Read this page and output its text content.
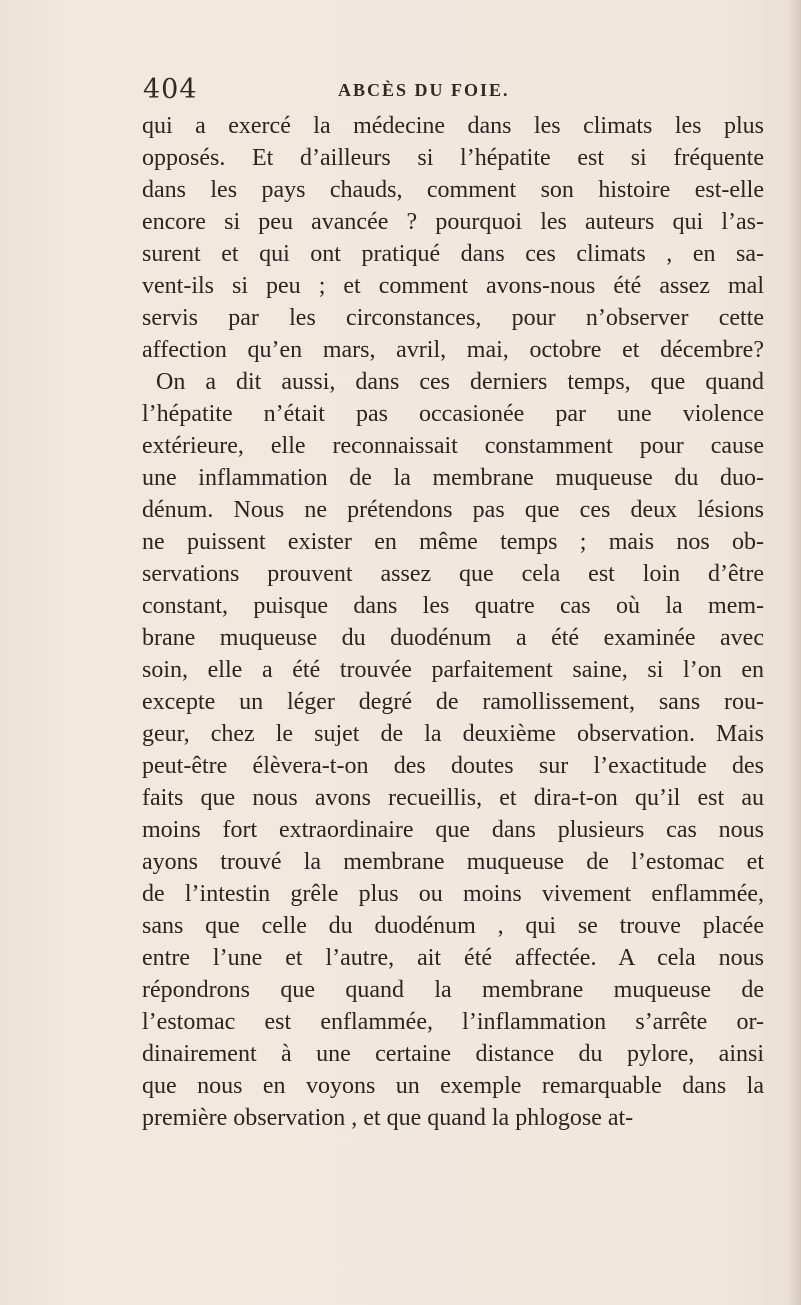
404	ABCÈS DU FOIE.
qui a exercé la médecine dans les climats les plus
opposés. Et d’ailleurs si l’hépatite est si fréquente
dans les pays chauds, comment son histoire est-elle
encore si peu avancée ? pourquoi les auteurs qui l’as-
surent et qui ont pratiqué dans ces climats , en sa-
vent-ils si peu ; et comment avons-nous été assez mal
servis par les circonstances, pour n’observer cette
affection qu’en mars, avril, mai, octobre et décembre?
On a dit aussi, dans ces derniers temps, que quand
l’hépatite n’était pas occasionée par une violence
extérieure, elle reconnaissait constamment pour cause
une inflammation de la membrane muqueuse du duo-
dénum. Nous ne prétendons pas que ces deux lésions
ne puissent exister en même temps ; mais nos ob-
servations prouvent assez que cela est loin d’être
constant, puisque dans les quatre cas où la mem-
brane muqueuse du duodénum a été examinée avec
soin, elle a été trouvée parfaitement saine, si l’on en
excepte un léger degré de ramollissement, sans rou-
geur, chez le sujet de la deuxième observation. Mais
peut-être élèvera-t-on des doutes sur l’exactitude des
faits que nous avons recueillis, et dira-t-on qu’il est au
moins fort extraordinaire que dans plusieurs cas nous
ayons trouvé la membrane muqueuse de l’estomac et
de l’intestin grêle plus ou moins vivement enflammée,
sans que celle du duodénum , qui se trouve placée
entre l’une et l’autre, ait été affectée. A cela nous
répondrons que quand la membrane muqueuse de
l’estomac est enflammée, l’inflammation s’arrête or-
dinairement à une certaine distance du pylore, ainsi
que nous en voyons un exemple remarquable dans la
première observation , et que quand la phlogose at-
